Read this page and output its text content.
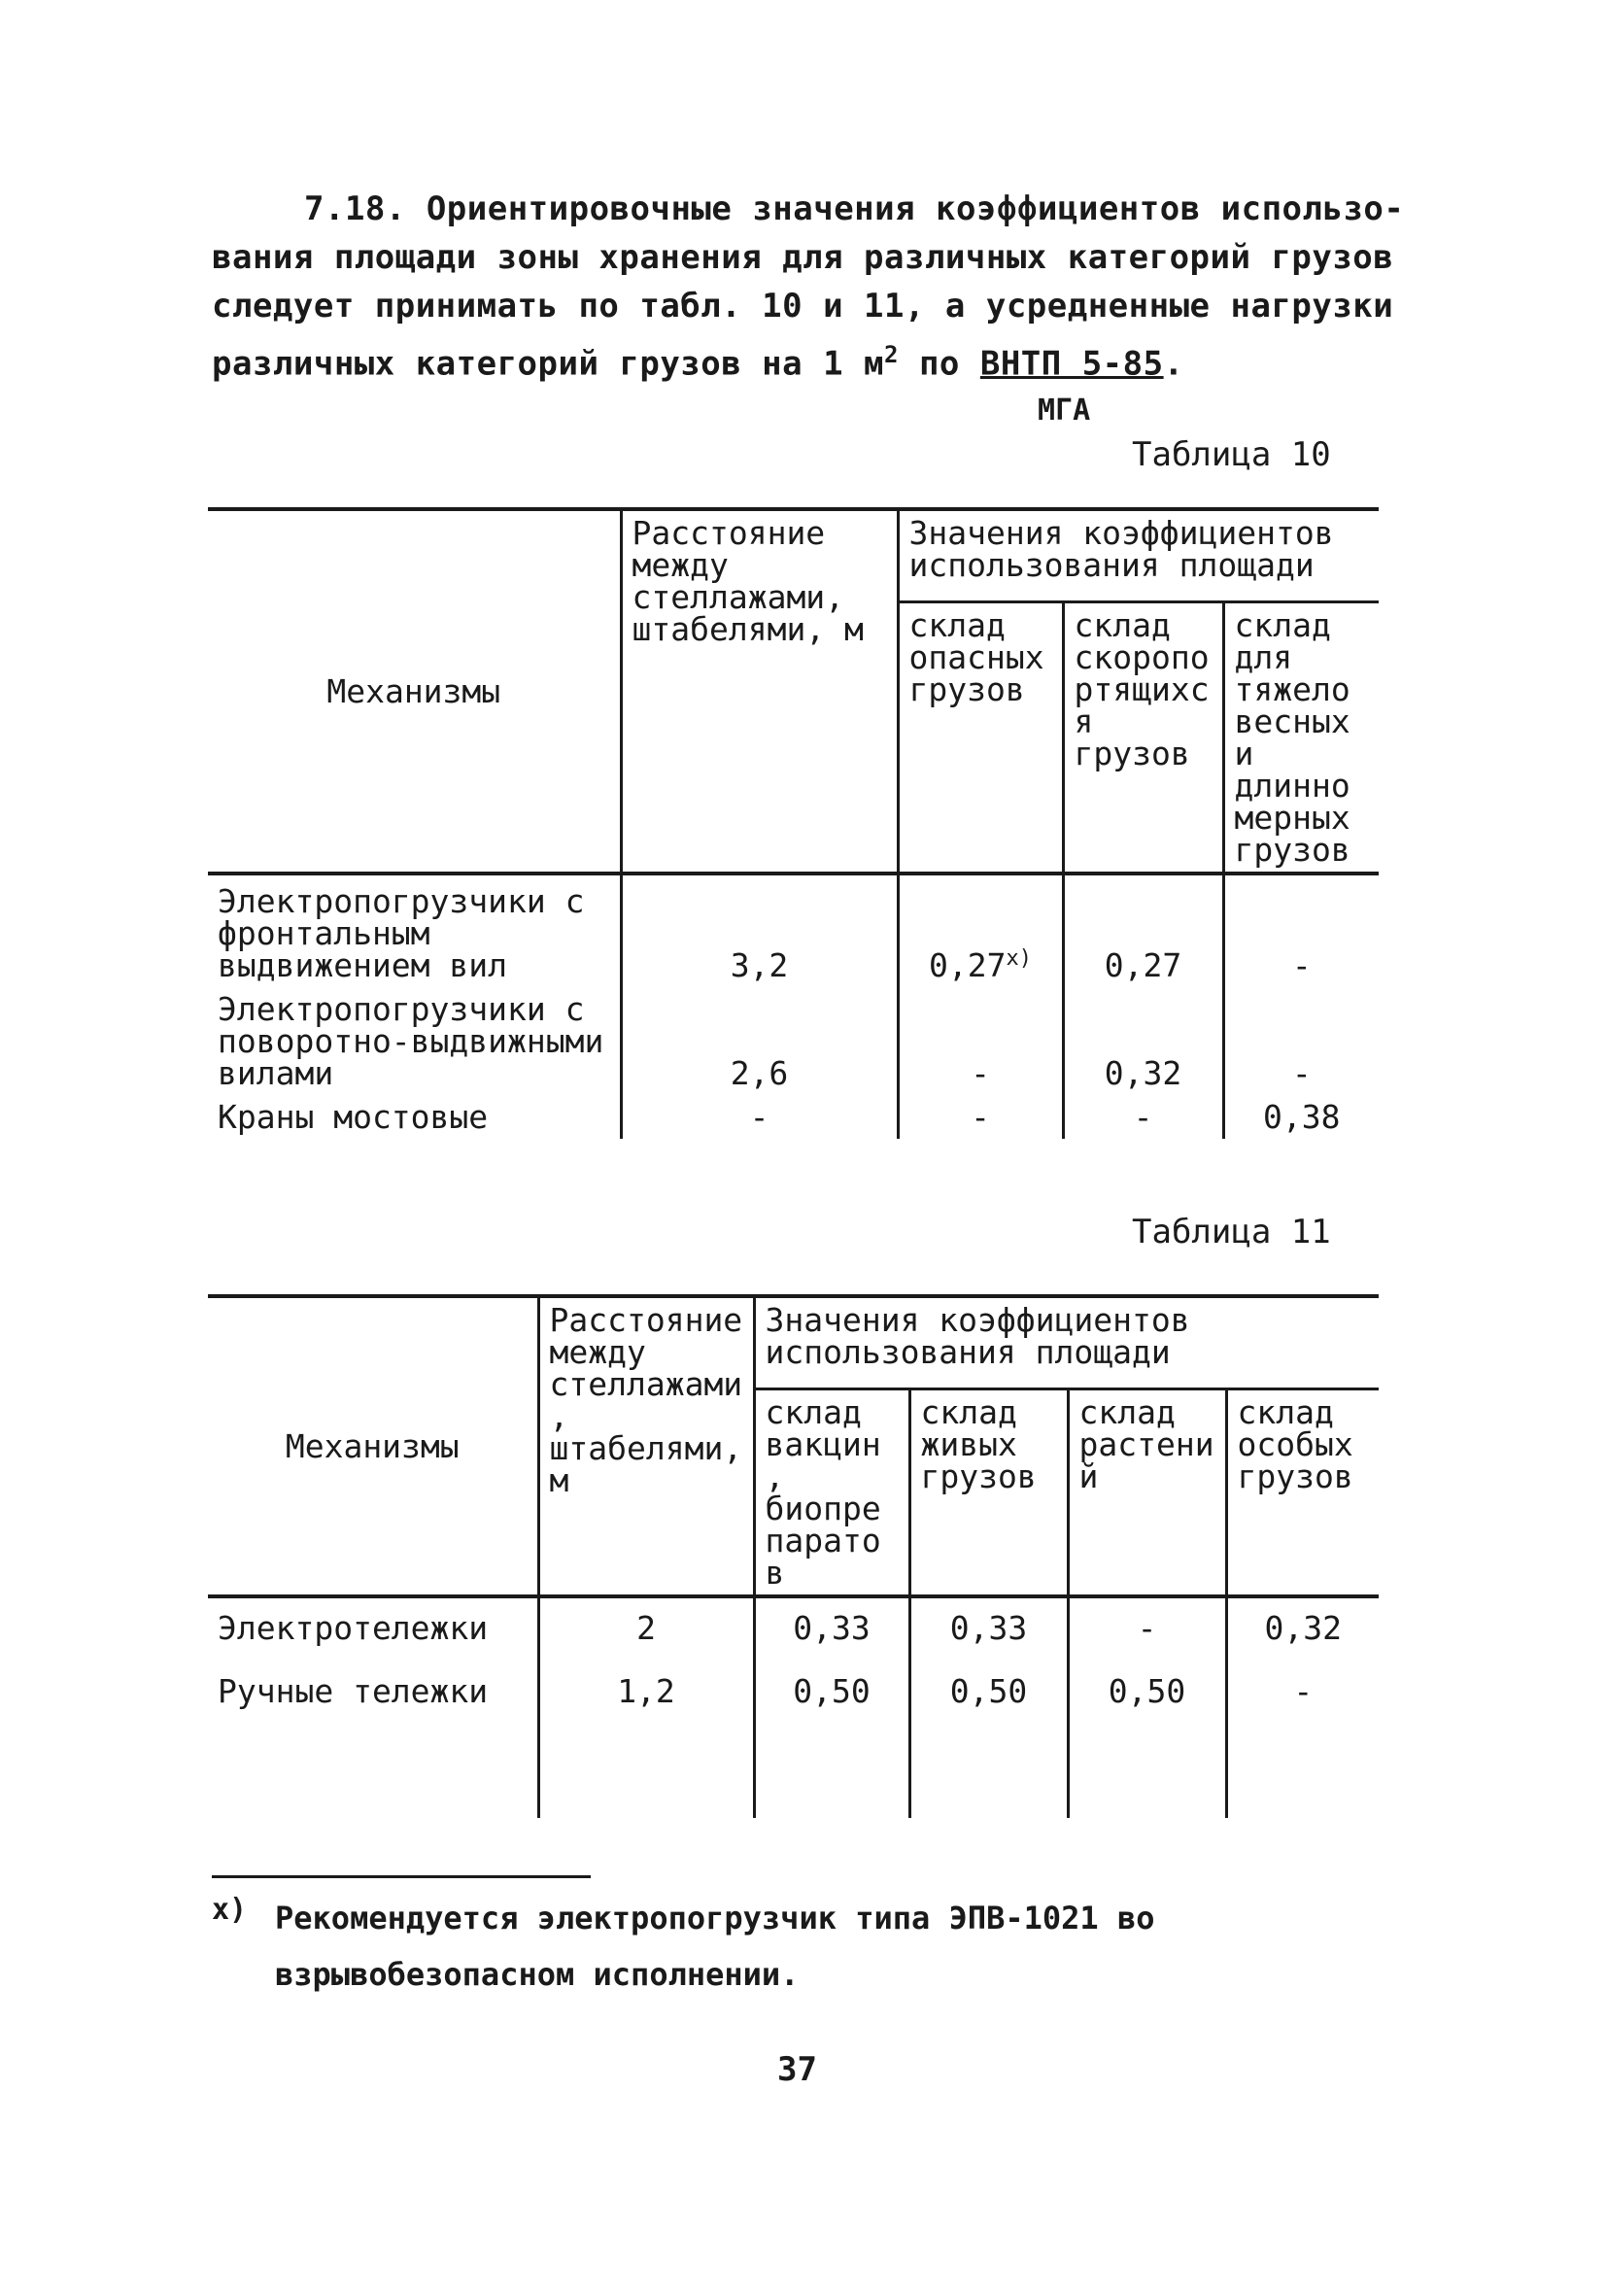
7.18. Ориентировочные значения коэффициентов использо-

вания площади зоны хранения для различных категорий грузов

следует принимать по табл. 10 и 11, а усредненные нагрузки

различных категорий грузов на 1 $м^2$ по ВНТП 5-85.

МГА
Таблица 10
Механизмы	Расстояние между стеллажами, штабелями, м	Значения коэффициентов использования площади		
		склад опасных грузов	склад скоропортящихся грузов	склад для тяжеловесных и длинномерных грузов
Электропогрузчики с фронтальным выдвижением вил	3,2	0,27$^{x)}$	0,27	-
Электропогрузчики с поворотно-выдвижными вилами	2,6	-	0,32	-
Краны мостовые	-	-	-	0,38
Таблица 11
Механизмы	Расстояние между стеллажами, штабелями, м	Значения коэффициентов использования площади			
		склад вакцин, биопрепаратов	склад живых грузов	склад растений	склад особых грузов
Электротележки	2	0,33	0,33	-	0,32
Ручные тележки	1,2	0,50	0,50	0,50	-

x) Рекомендуется электропогрузчик типа ЭПВ-1021 во взрывобезопасном исполнении.
37
